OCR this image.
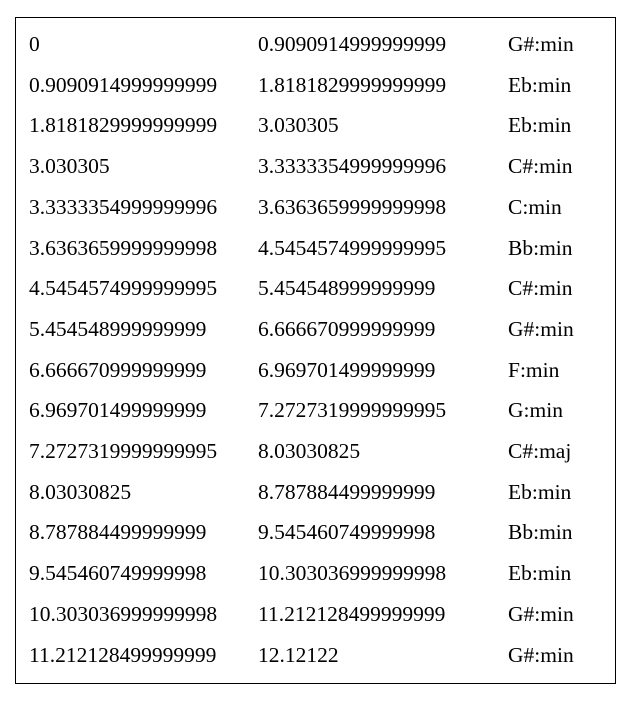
0	0.9090914999999999	G#:min
0.9090914999999999	1.8181829999999999	Eb:min
1.8181829999999999	3.030305	Eb:min
3.030305	3.3333354999999996	C#:min
3.3333354999999996	3.6363659999999998	C:min
3.6363659999999998	4.5454574999999995	Bb:min
4.5454574999999995	5.454548999999999	C#:min
5.454548999999999	6.666670999999999	G#:min
6.666670999999999	6.969701499999999	F:min
6.969701499999999	7.2727319999999995	G:min
7.2727319999999995	8.03030825	C#:maj
8.03030825	8.787884499999999	Eb:min
8.787884499999999	9.545460749999998	Bb:min
9.545460749999998	10.303036999999998	Eb:min
10.303036999999998	11.212128499999999	G#:min
11.212128499999999	12.12122	G#:min
